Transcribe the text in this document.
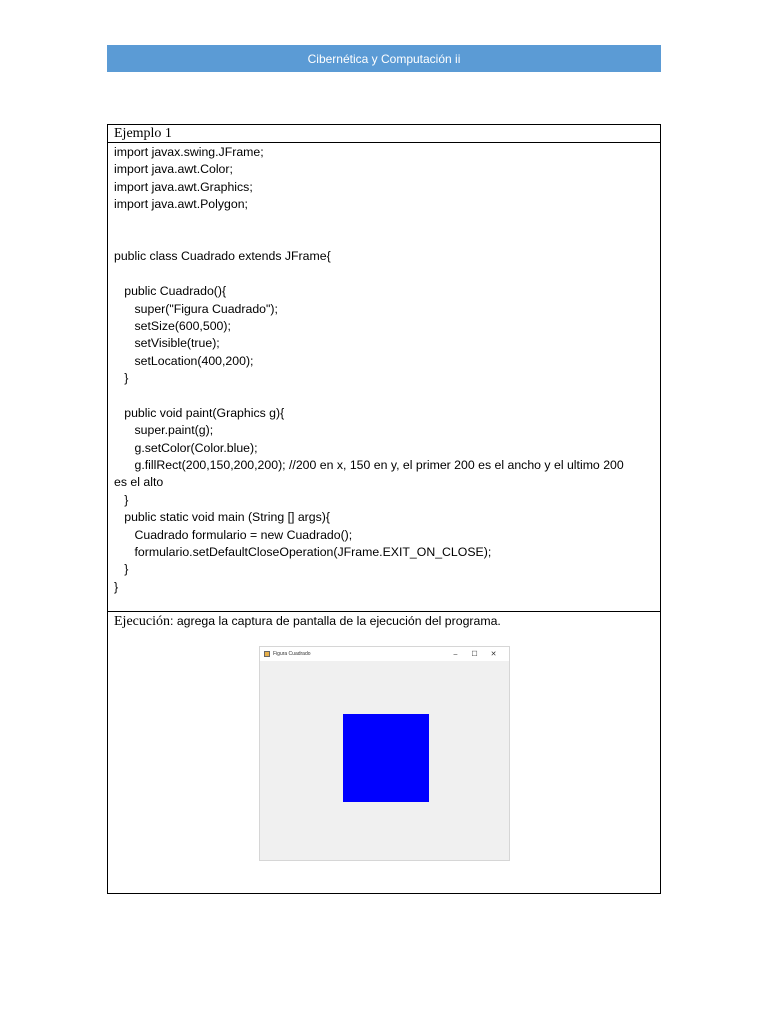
Cibernética y Computación ii
Ejemplo 1
import javax.swing.JFrame;
import java.awt.Color;
import java.awt.Graphics;
import java.awt.Polygon;
public class Cuadrado extends JFrame{
public Cuadrado(){
super("Figura Cuadrado");
setSize(600,500);
setVisible(true);
setLocation(400,200);
}
public void paint(Graphics g){
super.paint(g);
g.setColor(Color.blue);
g.fillRect(200,150,200,200); //200 en x, 150 en y, el primer 200 es el ancho y el ultimo 200
es el alto
}
public static void main (String [] args){
Cuadrado formulario = new Cuadrado();
formulario.setDefaultCloseOperation(JFrame.EXIT_ON_CLOSE);
}
}
Ejecución: agrega la captura de pantalla de la ejecución del programa.
Figura Cuadrado	–	☐	✕
